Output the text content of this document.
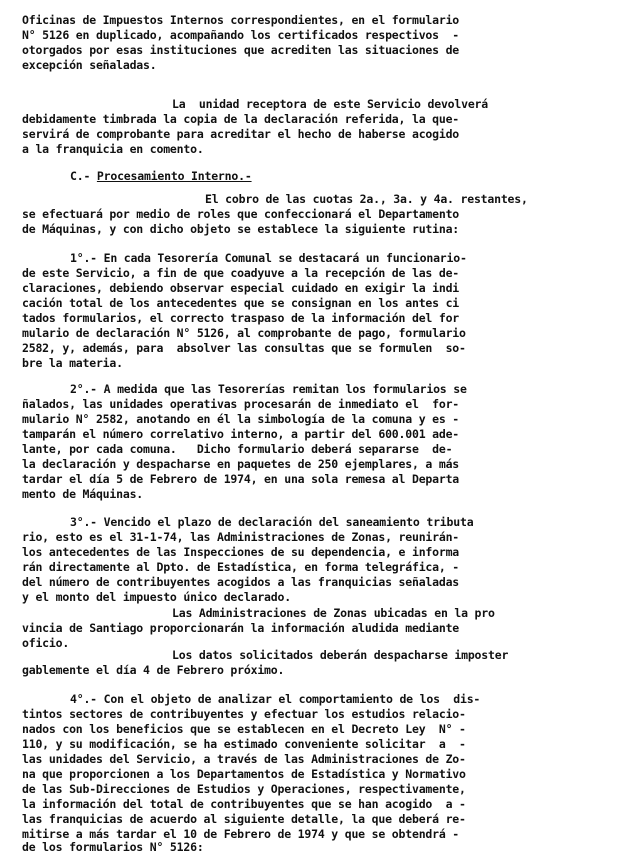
Oficinas de Impuestos Internos correspondientes, en el formulario
N° 5126 en duplicado, acompañando los certificados respectivos  -
otorgados por esas instituciones que acrediten las situaciones de
excepción señaladas.
La  unidad receptora de este Servicio devolverá
debidamente timbrada la copia de la declaración referida, la que-
servirá de comprobante para acreditar el hecho de haberse acogido
a la franquicia en comento.
C.- Procesamiento Interno.-
El cobro de las cuotas 2a., 3a. y 4a. restantes,
se efectuará por medio de roles que confeccionará el Departamento
de Máquinas, y con dicho objeto se establece la siguiente rutina:
1°.- En cada Tesorería Comunal se destacará un funcionario-
de este Servicio, a fin de que coadyuve a la recepción de las de-
claraciones, debiendo observar especial cuidado en exigir la indi
cación total de los antecedentes que se consignan en los antes ci
tados formularios, el correcto traspaso de la información del for
mulario de declaración N° 5126, al comprobante de pago, formulario
2582, y, además, para  absolver las consultas que se formulen  so-
bre la materia.
2°.- A medida que las Tesorerías remitan los formularios se
ñalados, las unidades operativas procesarán de inmediato el  for-
mulario N° 2582, anotando en él la simbología de la comuna y es -
tamparán el número correlativo interno, a partir del 600.001 ade-
lante, por cada comuna.   Dicho formulario deberá separarse  de-
la declaración y despacharse en paquetes de 250 ejemplares, a más
tardar el día 5 de Febrero de 1974, en una sola remesa al Departa
mento de Máquinas.
3°.- Vencido el plazo de declaración del saneamiento tributa
rio, esto es el 31-1-74, las Administraciones de Zonas, reunirán-
los antecedentes de las Inspecciones de su dependencia, e informa
rán directamente al Dpto. de Estadística, en forma telegráfica, -
del número de contribuyentes acogidos a las franquicias señaladas
y el monto del impuesto único declarado.
Las Administraciones de Zonas ubicadas en la pro
vincia de Santiago proporcionarán la información aludida mediante
oficio.
Los datos solicitados deberán despacharse imposter
gablemente el día 4 de Febrero próximo.
4°.- Con el objeto de analizar el comportamiento de los  dis-
tintos sectores de contribuyentes y efectuar los estudios relacio-
nados con los beneficios que se establecen en el Decreto Ley  N° -
110, y su modificación, se ha estimado conveniente solicitar  a  -
las unidades del Servicio, a través de las Administraciones de Zo-
na que proporcionen a los Departamentos de Estadística y Normativo
de las Sub-Direcciones de Estudios y Operaciones, respectivamente,
la información del total de contribuyentes que se han acogido  a -
las franquicias de acuerdo al siguiente detalle, la que deberá re-
mitirse a más tardar el 10 de Febrero de 1974 y que se obtendrá -
de los formularios N° 5126:
